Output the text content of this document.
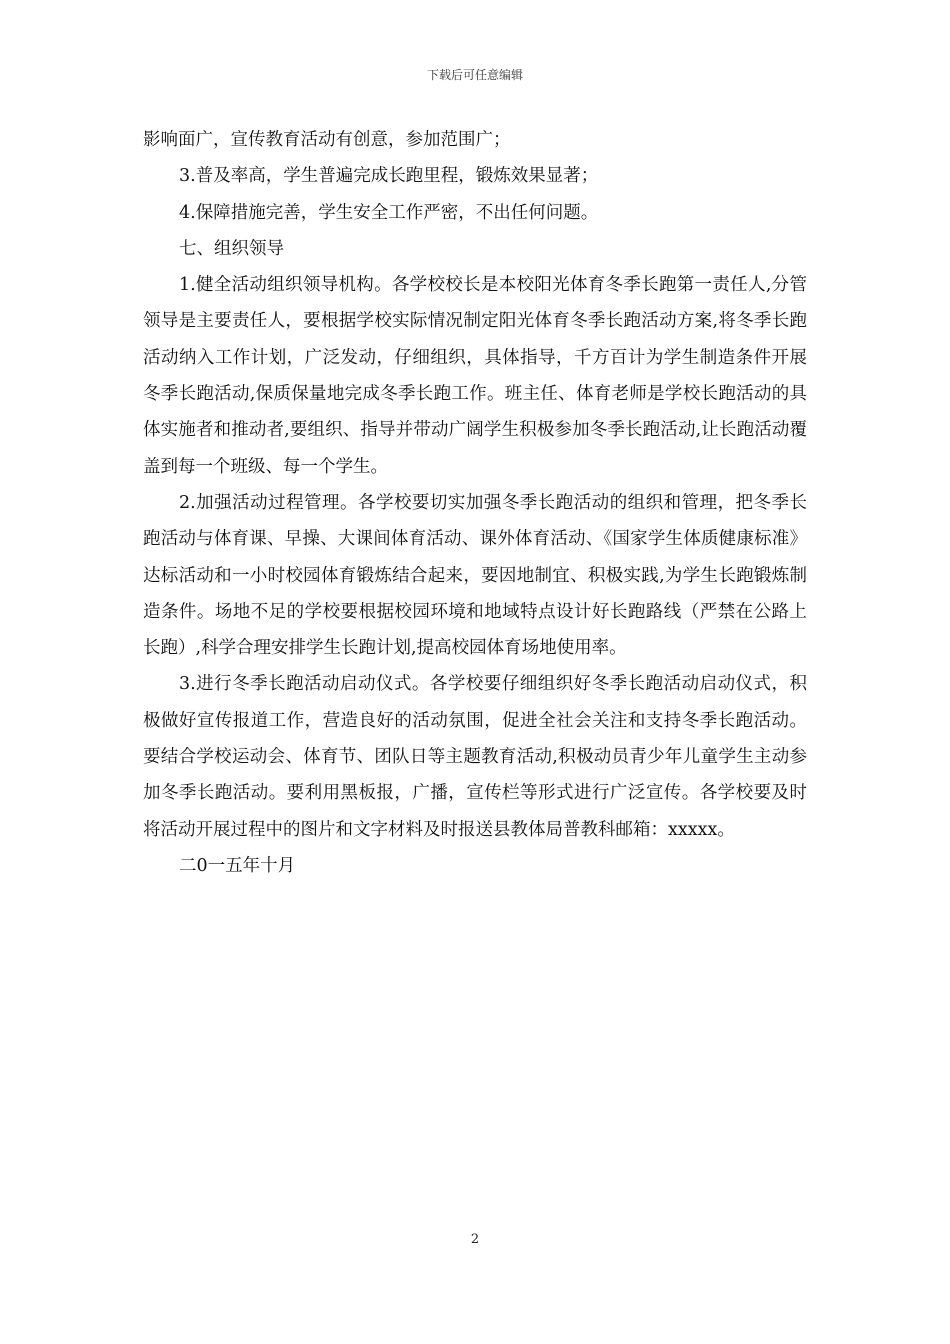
下载后可任意编辑

影响面广，宣传教育活动有创意，参加范围广；

3.普及率高，学生普遍完成长跑里程，锻炼效果显著；

4.保障措施完善，学生安全工作严密，不出任何问题。

七、组织领导

1.健全活动组织领导机构。各学校校长是本校阳光体育冬季长跑第一责任人,分管领导是主要责任人，要根据学校实际情况制定阳光体育冬季长跑活动方案,将冬季长跑活动纳入工作计划，广泛发动，仔细组织，具体指导，千方百计为学生制造条件开展冬季长跑活动,保质保量地完成冬季长跑工作。班主任、体育老师是学校长跑活动的具体实施者和推动者,要组织、指导并带动广阔学生积极参加冬季长跑活动,让长跑活动覆盖到每一个班级、每一个学生。

2.加强活动过程管理。各学校要切实加强冬季长跑活动的组织和管理，把冬季长跑活动与体育课、早操、大课间体育活动、课外体育活动、《国家学生体质健康标准》达标活动和一小时校园体育锻炼结合起来，要因地制宜、积极实践,为学生长跑锻炼制造条件。场地不足的学校要根据校园环境和地域特点设计好长跑路线（严禁在公路上长跑）,科学合理安排学生长跑计划,提高校园体育场地使用率。

3.进行冬季长跑活动启动仪式。各学校要仔细组织好冬季长跑活动启动仪式，积极做好宣传报道工作，营造良好的活动氛围，促进全社会关注和支持冬季长跑活动。要结合学校运动会、体育节、团队日等主题教育活动,积极动员青少年儿童学生主动参加冬季长跑活动。要利用黑板报，广播，宣传栏等形式进行广泛宣传。各学校要及时将活动开展过程中的图片和文字材料及时报送县教体局普教科邮箱：xxxxx。

二0一五年十月

2
